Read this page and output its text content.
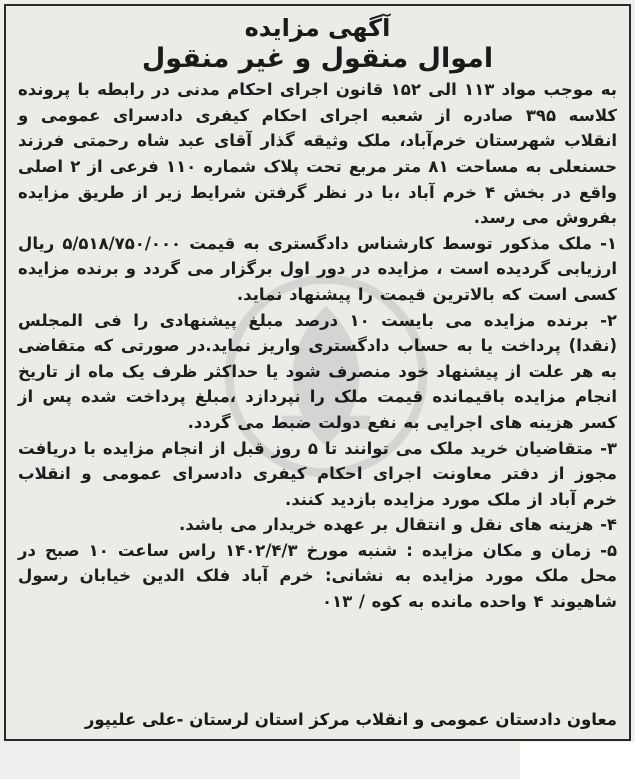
آگهی مزایده
اموال منقول و غیر منقول

به موجب مواد ۱۱۳ الی ۱۵۲ قانون اجرای احکام مدنی در رابطه با پرونده کلاسه ۳۹۵ صادره از شعبه اجرای احکام کیفری دادسرای عمومی و انقلاب شهرستان خرم‌آباد، ملک وثیقه گذار آقای عبد شاه رحمتی فرزند حسنعلی به مساحت ۸۱ متر مربع تحت پلاک شماره ۱۱۰ فرعی از ۲ اصلی واقع در بخش ۴ خرم آباد ،با در نظر گرفتن شرایط زیر از طریق مزایده بفروش می رسد.

۱- ملک مذکور توسط کارشناس دادگستری به قیمت ۵/۵۱۸/۷۵۰/۰۰۰ ریال ارزیابی گردیده است ، مزایده در دور اول برگزار می گردد و برنده مزایده کسی است که بالاترین قیمت را پیشنهاد نماید.

۲- برنده مزایده می بایست ۱۰ درصد مبلغ پیشنهادی را فی المجلس (نقدا) پرداخت یا به حساب دادگستری واریز نماید.در صورتی که متقاضی به هر علت از پیشنهاد خود منصرف شود یا حداکثر ظرف یک ماه از تاریخ انجام مزایده باقیمانده قیمت ملک را نپردازد ،مبلغ پرداخت شده پس از کسر هزینه های اجرایی به نفع دولت ضبط می گردد.

۳- متقاضیان خرید ملک می توانند تا ۵ روز قبل از انجام مزایده با دریافت مجوز از دفتر معاونت اجرای احکام کیفری دادسرای عمومی و انقلاب خرم آباد از ملک مورد مزایده بازدید کنند.

۴- هزینه های نقل و انتقال بر عهده خریدار می باشد.

۵- زمان و مکان مزایده : شنبه مورخ ۱۴۰۲/۴/۳ راس ساعت ۱۰ صبح در محل ملک مورد مزایده به نشانی: خرم آباد فلک الدین خیابان رسول شاهیوند ۴ واحده مانده به کوه / ۰۱۳

معاون دادستان عمومی و انقلاب مرکز استان لرستان -علی علیپور
